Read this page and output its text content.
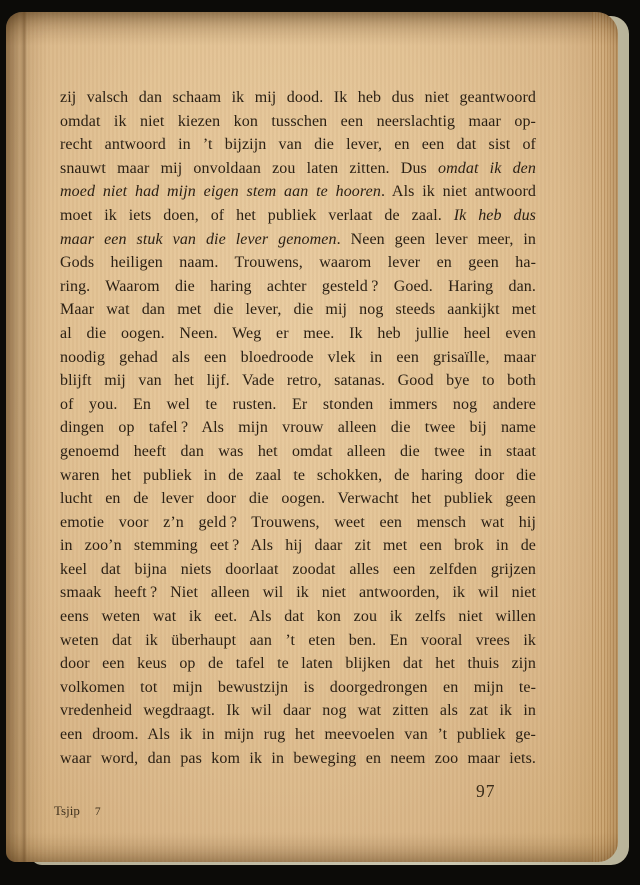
zij valsch dan schaam ik mij dood. Ik heb dus niet geantwoord
omdat ik niet kiezen kon tusschen een neerslachtig maar op-
recht antwoord in ’t bijzijn van die lever, en een dat sist of
snauwt maar mij onvoldaan zou laten zitten. Dus omdat ik den
moed niet had mijn eigen stem aan te hooren. Als ik niet antwoord
moet ik iets doen, of het publiek verlaat de zaal. Ik heb dus
maar een stuk van die lever genomen. Neen geen lever meer, in
Gods heiligen naam. Trouwens, waarom lever en geen ha-
ring. Waarom die haring achter gesteld ? Goed. Haring dan.
Maar wat dan met die lever, die mij nog steeds aankijkt met
al die oogen. Neen. Weg er mee. Ik heb jullie heel even
noodig gehad als een bloedroode vlek in een grisaïlle, maar
blijft mij van het lijf. Vade retro, satanas. Good bye to both
of you. En wel te rusten. Er stonden immers nog andere
dingen op tafel ? Als mijn vrouw alleen die twee bij name
genoemd heeft dan was het omdat alleen die twee in staat
waren het publiek in de zaal te schokken, de haring door die
lucht en de lever door die oogen. Verwacht het publiek geen
emotie voor z’n geld ? Trouwens, weet een mensch wat hij
in zoo’n stemming eet ? Als hij daar zit met een brok in de
keel dat bijna niets doorlaat zoodat alles een zelfden grijzen
smaak heeft ? Niet alleen wil ik niet antwoorden, ik wil niet
eens weten wat ik eet. Als dat kon zou ik zelfs niet willen
weten dat ik überhaupt aan ’t eten ben. En vooral vrees ik
door een keus op de tafel te laten blijken dat het thuis zijn
volkomen tot mijn bewustzijn is doorgedrongen en mijn te-
vredenheid wegdraagt. Ik wil daar nog wat zitten als zat ik in
een droom. Als ik in mijn rug het meevoelen van ’t publiek ge-
waar word, dan pas kom ik in beweging en neem zoo maar iets.
97
Tsjip 7
